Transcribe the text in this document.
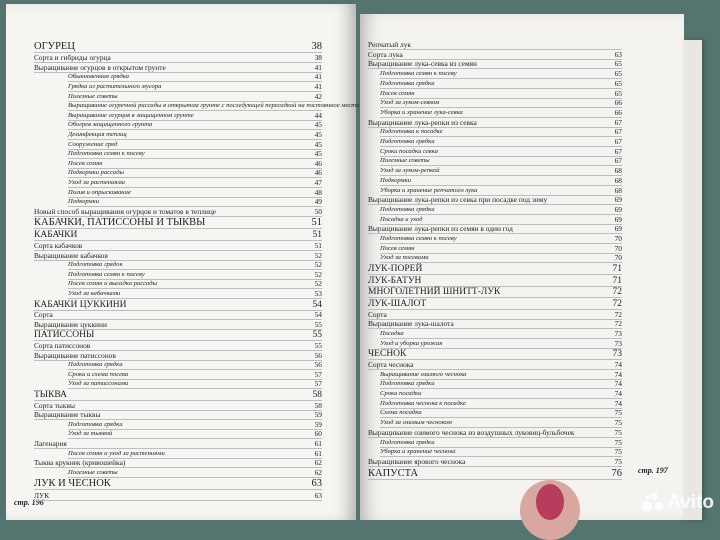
стр. 196
ОГУРЕЦ	38
Сорта и гибриды огурца	38
Выращивание огурцов в открытом грунте	41
Обыкновенная грядка	41
Грядка из растительного мусора	41
Полезные советы	42
Выращивание огуречной рассады в открытом грунте с последующей пересадкой на постоянное место
Выращивание огурцов в защищенном грунте	44
Обогрев защищенного грунта	45
Дезинфекция теплиц	45
Сооружение гряд	45
Подготовка семян к посеву	45
Посев семян	46
Подкормки рассады	46
Уход за растениями	47
Полив и опрыскивание	48
Подкормки	49
Новый способ выращивания огурцов и томатов в теплице	50
КАБАЧКИ, ПАТИССОНЫ И ТЫКВЫ	51
КАБАЧКИ	51
Сорта кабачков	51
Выращивание кабачков	52
Подготовка грядок	52
Подготовка семян к посеву	52
Посев семян и высадка рассады	52
Уход за кабачками	53
КАБАЧКИ ЦУККИНИ	54
Сорта	54
Выращивание цуккини	55
ПАТИССОНЫ	55
Сорта патиссонов	55
Выращивание патиссонов	56
Подготовка грядки	56
Сроки и схема посева	57
Уход за патиссонами	57
ТЫКВА	58
Сорта тыквы	58
Выращивание тыквы	59
Подготовка грядки	59
Уход за тыквой	60
Лагенария	61
Посев семян и уход за растениями	61
Тыква крукнек (кривошейка)	62
Полезные советы	62
ЛУК И ЧЕСНОК	63
ЛУК	63
стр. 197
Репчатый лук
Сорта лука	63
Выращивание лука-севка из семян	65
Подготовка семян к посеву	65
Подготовка грядки	65
Посев семян	65
Уход за луком-севком	66
Уборка и хранение лука-севка	66
Выращивание лука-репки из севка	67
Подготовка к посадке	67
Подготовка грядки	67
Сроки посадки севка	67
Полезные советы	67
Уход за луком-репкой	68
Подкормки	68
Уборка и хранение репчатого лука	68
Выращивание лука-репки из севка при посадке под зиму	69
Подготовка грядки	69
Посадка и уход	69
Выращивание лука-репки из семян в один год	69
Подготовка семян к посеву	70
Посев семян	70
Уход за посевами	70
ЛУК-ПОРЕЙ	71
ЛУК-БАТУН	71
МНОГОЛЕТНИЙ ШНИТТ-ЛУК	72
ЛУК-ШАЛОТ	72
Сорта	72
Выращивание лука-шалота	72
Посадка	73
Уход и уборка урожая	73
ЧЕСНОК	73
Сорта чеснока	74
Выращивание озимого чеснока	74
Подготовка грядки	74
Сроки посадки	74
Подготовка чеснока к посадке	74
Схема посадки	75
Уход за озимым чесноком	75
Выращивание озимого чеснока из воздушных луковиц-бульбочек	75
Подготовка грядки	75
Уборка и хранение чеснока	75
Выращивание ярового чеснока	75
КАПУСТА	76
Avito
